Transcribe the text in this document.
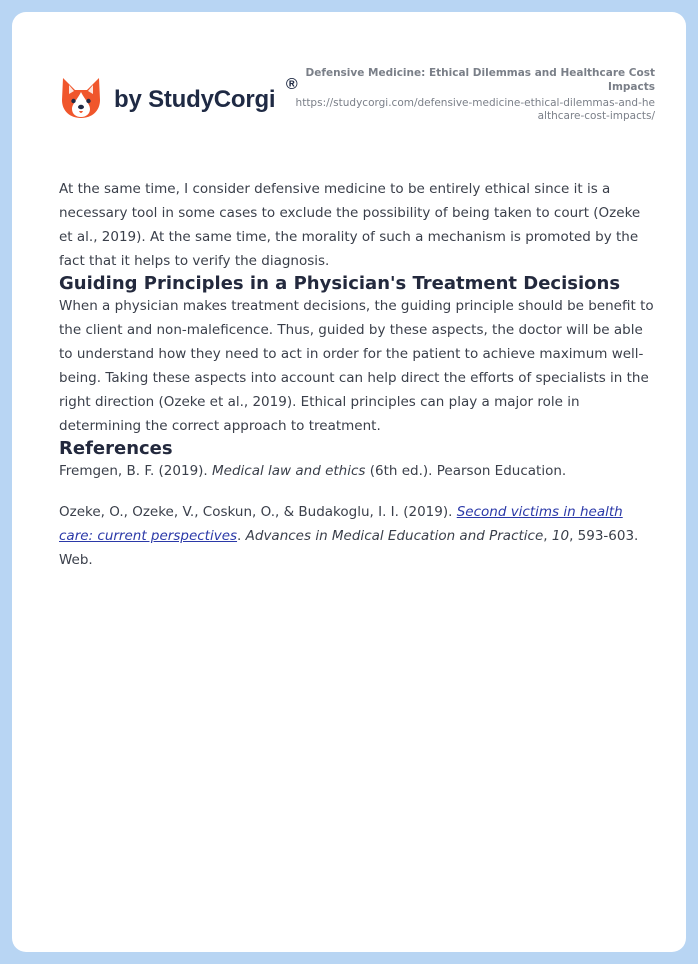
by StudyCorgi
®
Defensive Medicine: Ethical Dilemmas and Healthcare Cost Impacts
https://studycorgi.com/defensive-medicine-ethical-dilemmas-and-healthcare-cost-impacts/

At the same time, I consider defensive medicine to be entirely ethical since it is a necessary tool in some cases to exclude the possibility of being taken to court (Ozeke et al., 2019). At the same time, the morality of such a mechanism is promoted by the fact that it helps to verify the diagnosis.

Guiding Principles in a Physician's Treatment Decisions

When a physician makes treatment decisions, the guiding principle should be benefit to the client and non-maleficence. Thus, guided by these aspects, the doctor will be able to understand how they need to act in order for the patient to achieve maximum well-being. Taking these aspects into account can help direct the efforts of specialists in the right direction (Ozeke et al., 2019). Ethical principles can play a major role in determining the correct approach to treatment.

References

Fremgen, B. F. (2019). Medical law and ethics (6th ed.). Pearson Education.

Ozeke, O., Ozeke, V., Coskun, O., & Budakoglu, I. I. (2019). Second victims in health care: current perspectives. Advances in Medical Education and Practice, 10, 593-603. Web.
